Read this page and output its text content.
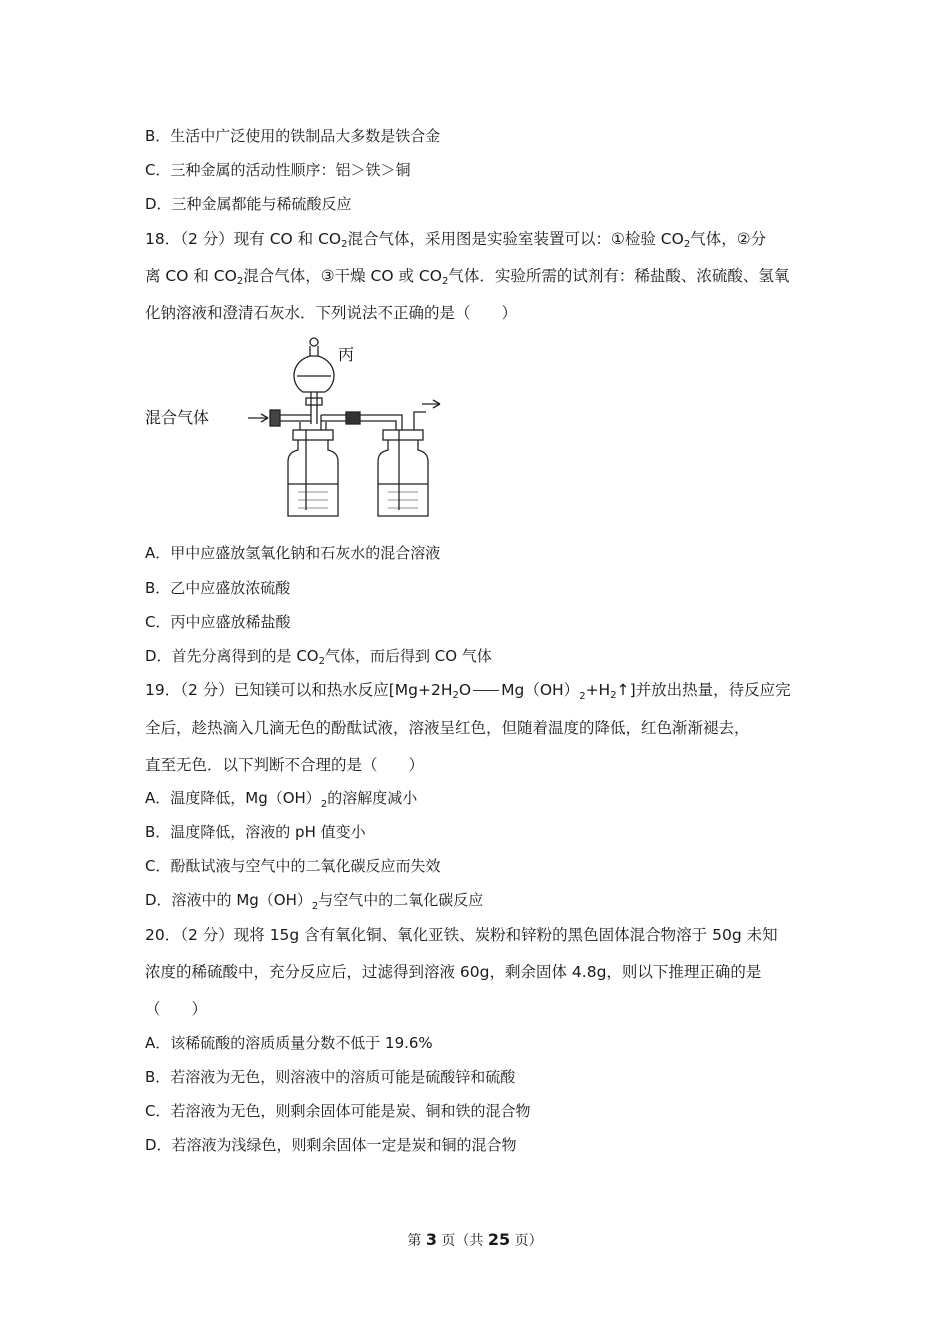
B．生活中广泛使用的铁制品大多数是铁合金
C．三种金属的活动性顺序：铝＞铁＞铜
D．三种金属都能与稀硫酸反应
18．（2 分）现有 CO 和 $CO_2$混合气体，采用图是实验室装置可以：①检验 $CO_2$气体，②分
离 CO 和 $CO_2$混合气体，③干燥 CO 或 $CO_2$气体．实验所需的试剂有：稀盐酸、浓硫酸、氢氧
化钠溶液和澄清石灰水．下列说法不正确的是（　　）
混合气体
丙
A．甲中应盛放氢氧化钠和石灰水的混合溶液
B．乙中应盛放浓硫酸
C．丙中应盛放稀盐酸
D．首先分离得到的是 $CO_2$气体，而后得到 CO 气体
19．（2 分）已知镁可以和热水反应[$Mg+2H_2O$ $Mg(OH)_2+H_2↑$]并放出热量，待反应完
全后，趁热滴入几滴无色的酚酞试液，溶液呈红色，但随着温度的降低，红色渐渐褪去，
直至无色．以下判断不合理的是（　　）
A．温度降低，$Mg(OH)_2$的溶解度减小
B．温度降低，溶液的 pH 值变小
C．酚酞试液与空气中的二氧化碳反应而失效
D．溶液中的 $Mg(OH)_2$与空气中的二氧化碳反应
20．（2 分）现将 15g 含有氧化铜、氧化亚铁、炭粉和锌粉的黑色固体混合物溶于 50g 未知
浓度的稀硫酸中，充分反应后，过滤得到溶液 60g，剩余固体 4.8g，则以下推理正确的是
（　　）
A．该稀硫酸的溶质质量分数不低于 19.6%
B．若溶液为无色，则溶液中的溶质可能是硫酸锌和硫酸
C．若溶液为无色，则剩余固体可能是炭、铜和铁的混合物
D．若溶液为浅绿色，则剩余固体一定是炭和铜的混合物
第 3 页（共 25 页）
